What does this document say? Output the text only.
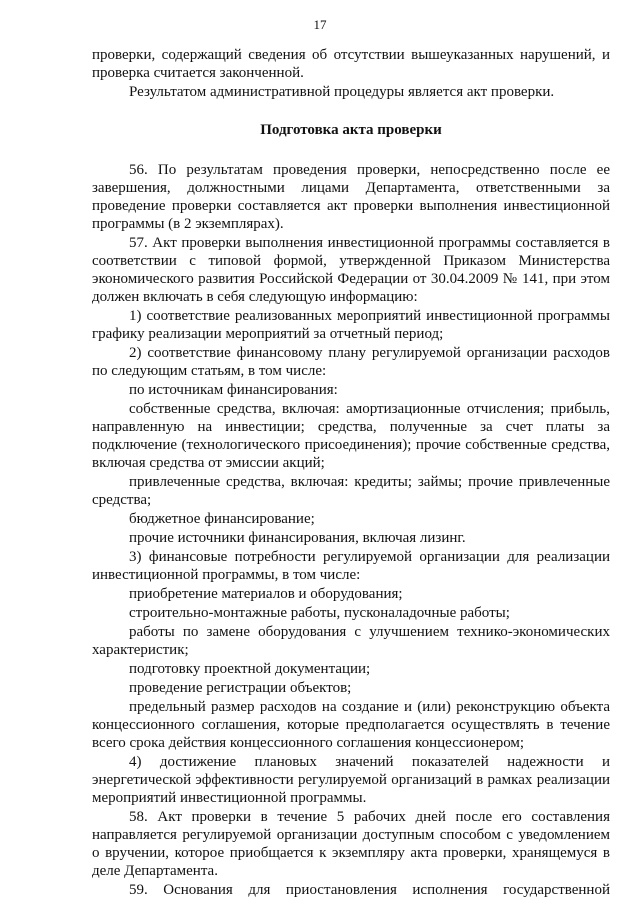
17

проверки, содержащий сведения об отсутствии вышеуказанных нарушений, и проверка считается законченной.

Результатом административной процедуры является акт проверки.

Подготовка акта проверки

56. По результатам проведения проверки, непосредственно после ее завершения, должностными лицами Департамента, ответственными за проведение проверки составляется акт проверки выполнения инвестиционной программы (в 2 экземплярах).

57. Акт проверки выполнения инвестиционной программы составляется в соответствии с типовой формой, утвержденной Приказом Министерства экономического развития Российской Федерации от 30.04.2009 № 141, при этом должен включать в себя следующую информацию:

1) соответствие реализованных мероприятий инвестиционной программы графику реализации мероприятий за отчетный период;

2) соответствие финансовому плану регулируемой организации расходов по следующим статьям, в том числе:

по источникам финансирования:

собственные средства, включая: амортизационные отчисления; прибыль, направленную на инвестиции; средства, полученные за счет платы за подключение (технологического присоединения); прочие собственные средства, включая средства от эмиссии акций;

привлеченные средства, включая: кредиты; займы; прочие привлеченные средства;

бюджетное финансирование;

прочие источники финансирования, включая лизинг.

3) финансовые потребности регулируемой организации для реализации инвестиционной программы, в том числе:

приобретение материалов и оборудования;

строительно-монтажные работы, пусконаладочные работы;

работы по замене оборудования с улучшением технико-экономических характеристик;

подготовку проектной документации;

проведение регистрации объектов;

предельный размер расходов на создание и (или) реконструкцию объекта концессионного соглашения, которые предполагается осуществлять в течение всего срока действия концессионного соглашения концессионером;

4) достижение плановых значений показателей надежности и энергетической эффективности регулируемой организаций в рамках реализации мероприятий инвестиционной программы.

58. Акт проверки в течение 5 рабочих дней после его составления направляется регулируемой организации доступным способом с уведомлением о вручении, которое приобщается к экземпляру акта проверки, хранящемуся в деле Департамента.

59. Основания для приостановления исполнения государственной
